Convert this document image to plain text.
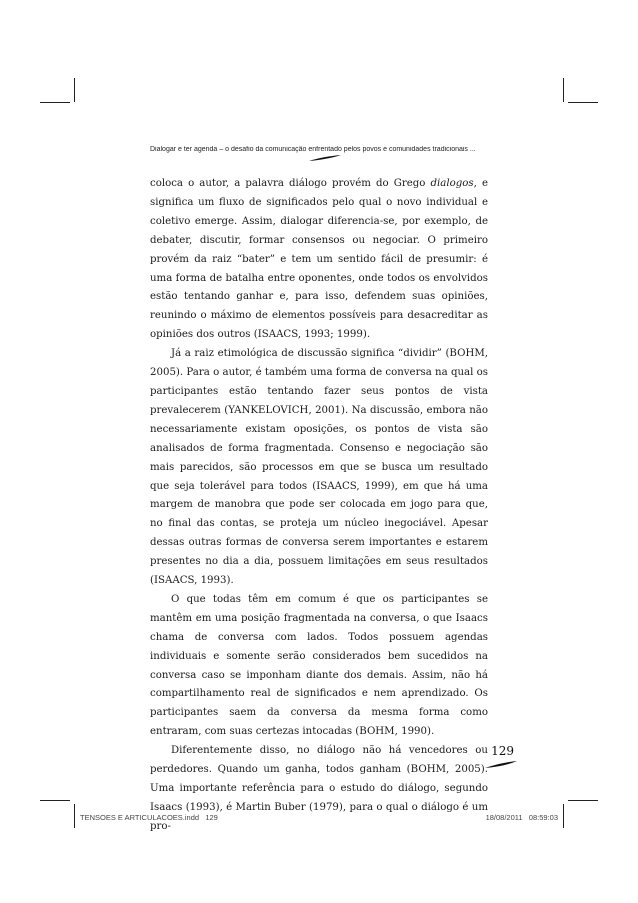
Dialogar e ter agenda – o desafio da comunicação enfrentado pelos povos e comunidades tradicionais ...

coloca o autor, a palavra diálogo provém do Grego dialogos, e significa um fluxo de significados pelo qual o novo individual e coletivo emerge. Assim, dialogar diferencia-se, por exemplo, de debater, discutir, formar consensos ou negociar. O primeiro provém da raiz “bater” e tem um sentido fácil de presumir: é uma forma de batalha entre oponentes, onde todos os envolvidos estão tentando ganhar e, para isso, defendem suas opiniões, reunindo o máximo de elementos possíveis para desacreditar as opiniões dos outros (ISAACS, 1993; 1999).

Já a raiz etimológica de discussão significa “dividir” (BOHM, 2005). Para o autor, é também uma forma de conversa na qual os participantes estão tentando fazer seus pontos de vista prevalecerem (YANKELOVICH, 2001). Na discussão, embora não necessariamente existam oposições, os pontos de vista são analisados de forma fragmentada. Consenso e negociação são mais parecidos, são processos em que se busca um resultado que seja tolerável para todos (ISAACS, 1999), em que há uma margem de manobra que pode ser colocada em jogo para que, no final das contas, se proteja um núcleo inegociável. Apesar dessas outras formas de conversa serem importantes e estarem presentes no dia a dia, possuem limitações em seus resultados (ISAACS, 1993).

O que todas têm em comum é que os participantes se mantêm em uma posição fragmentada na conversa, o que Isaacs chama de conversa com lados. Todos possuem agendas individuais e somente serão considerados bem sucedidos na conversa caso se imponham diante dos demais. Assim, não há compartilhamento real de significados e nem aprendizado. Os participantes saem da conversa da mesma forma como entraram, com suas certezas intocadas (BOHM, 1990).

Diferentemente disso, no diálogo não há vencedores ou perdedores. Quando um ganha, todos ganham (BOHM, 2005). Uma importante referência para o estudo do diálogo, segundo Isaacs (1993), é Martin Buber (1979), para o qual o diálogo é um pro-

129
TENSOES E ARTICULACOES.indd   129	18/08/2011   08:59:03
